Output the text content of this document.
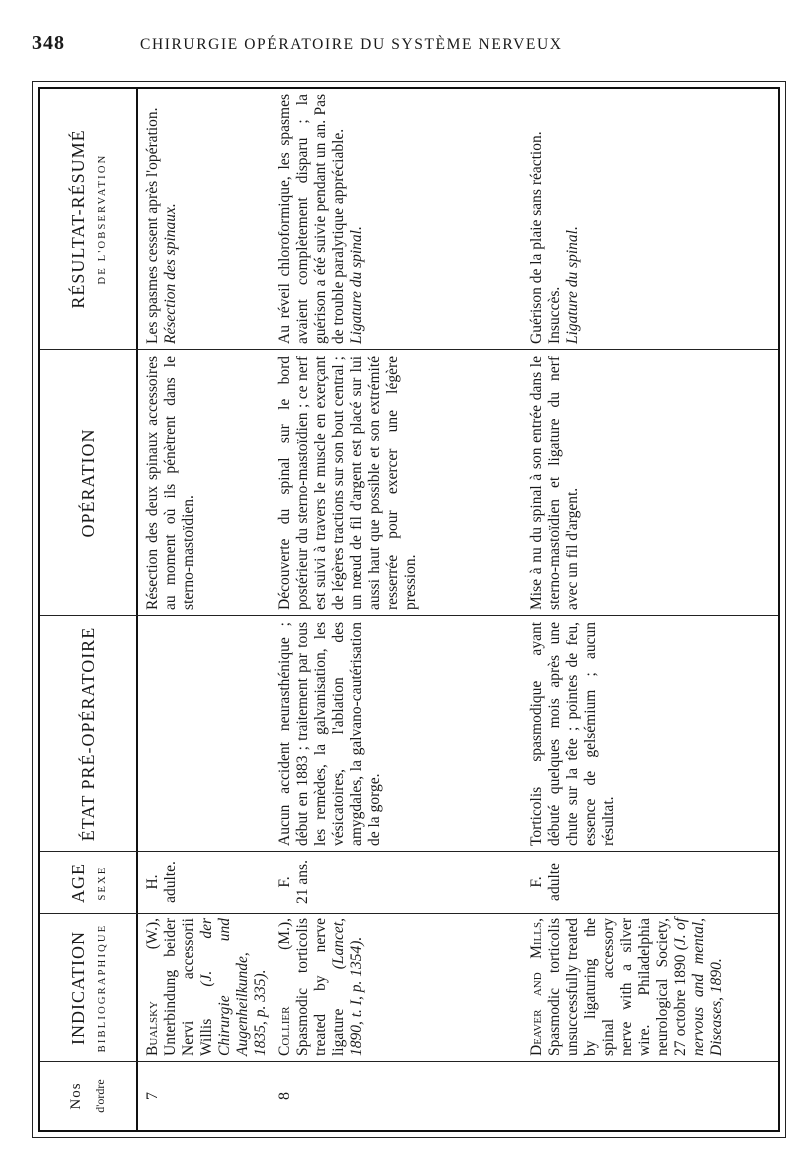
348	CHIRURGIE OPÉRATOIRE DU SYSTÈME NERVEUX
Nos d'ordre
INDICATION BIBLIOGRAPHIQUE
AGE SEXE
ÉTAT PRÉ-OPÉRATOIRE
OPÉRATION
RÉSULTAT-RÉSUMÉ DE L'OBSERVATION
7
Bualsky (W.), Unterbindung beider Nervi accessorii Willis (J. der Chirurgie und Augenheilkunde, 1835, p. 335).

H. adulte.

Résection des deux spinaux accessoires au moment où ils pénètrent dans le sterno-mastoïdien.

Les spasmes cessent après l'opération. Résection des spinaux.

8
Collier (M.), Spasmodic torticolis treated by nerve ligature (Lancet, 1890, t. I, p. 1354).

F. 21 ans.

Aucun accident neurasthénique ; début en 1883 ; traitement par tous les remèdes, la galvanisation, les vésicatoires, l'ablation des amygdales, la galvano-cautérisation de la gorge.
Découverte du spinal sur le bord postérieur du sterno-mastoïdien ; ce nerf est suivi à travers le muscle en exerçant de légères tractions sur son bout central ; un nœud de fil d'argent est placé sur lui aussi haut que possible et son extrémité resserrée pour exercer une légère pression.

Au réveil chloroformique, les spasmes avaient complètement disparu ; la guérison a été suivie pendant un an. Pas de trouble paralytique appréciable. Ligature du spinal.

Deaver and Mills, Spasmodic torticolis unsuccessfully treated by ligaturing the spinal accessory nerve with a silver wire. Philadelphia neurological Society, 27 octobre 1890 (J. of nervous and mental, Diseases, 1890.

F. adulte

Torticolis spasmodique ayant débuté quelques mois après une chute sur la tête ; pointes de feu, essence de gelsémium ; aucun résultat.
Mise à nu du spinal à son entrée dans le sterno-mastoïdien et ligature du nerf avec un fil d'argent.

Guérison de la plaie sans réaction. Insuccès. Ligature du spinal.
